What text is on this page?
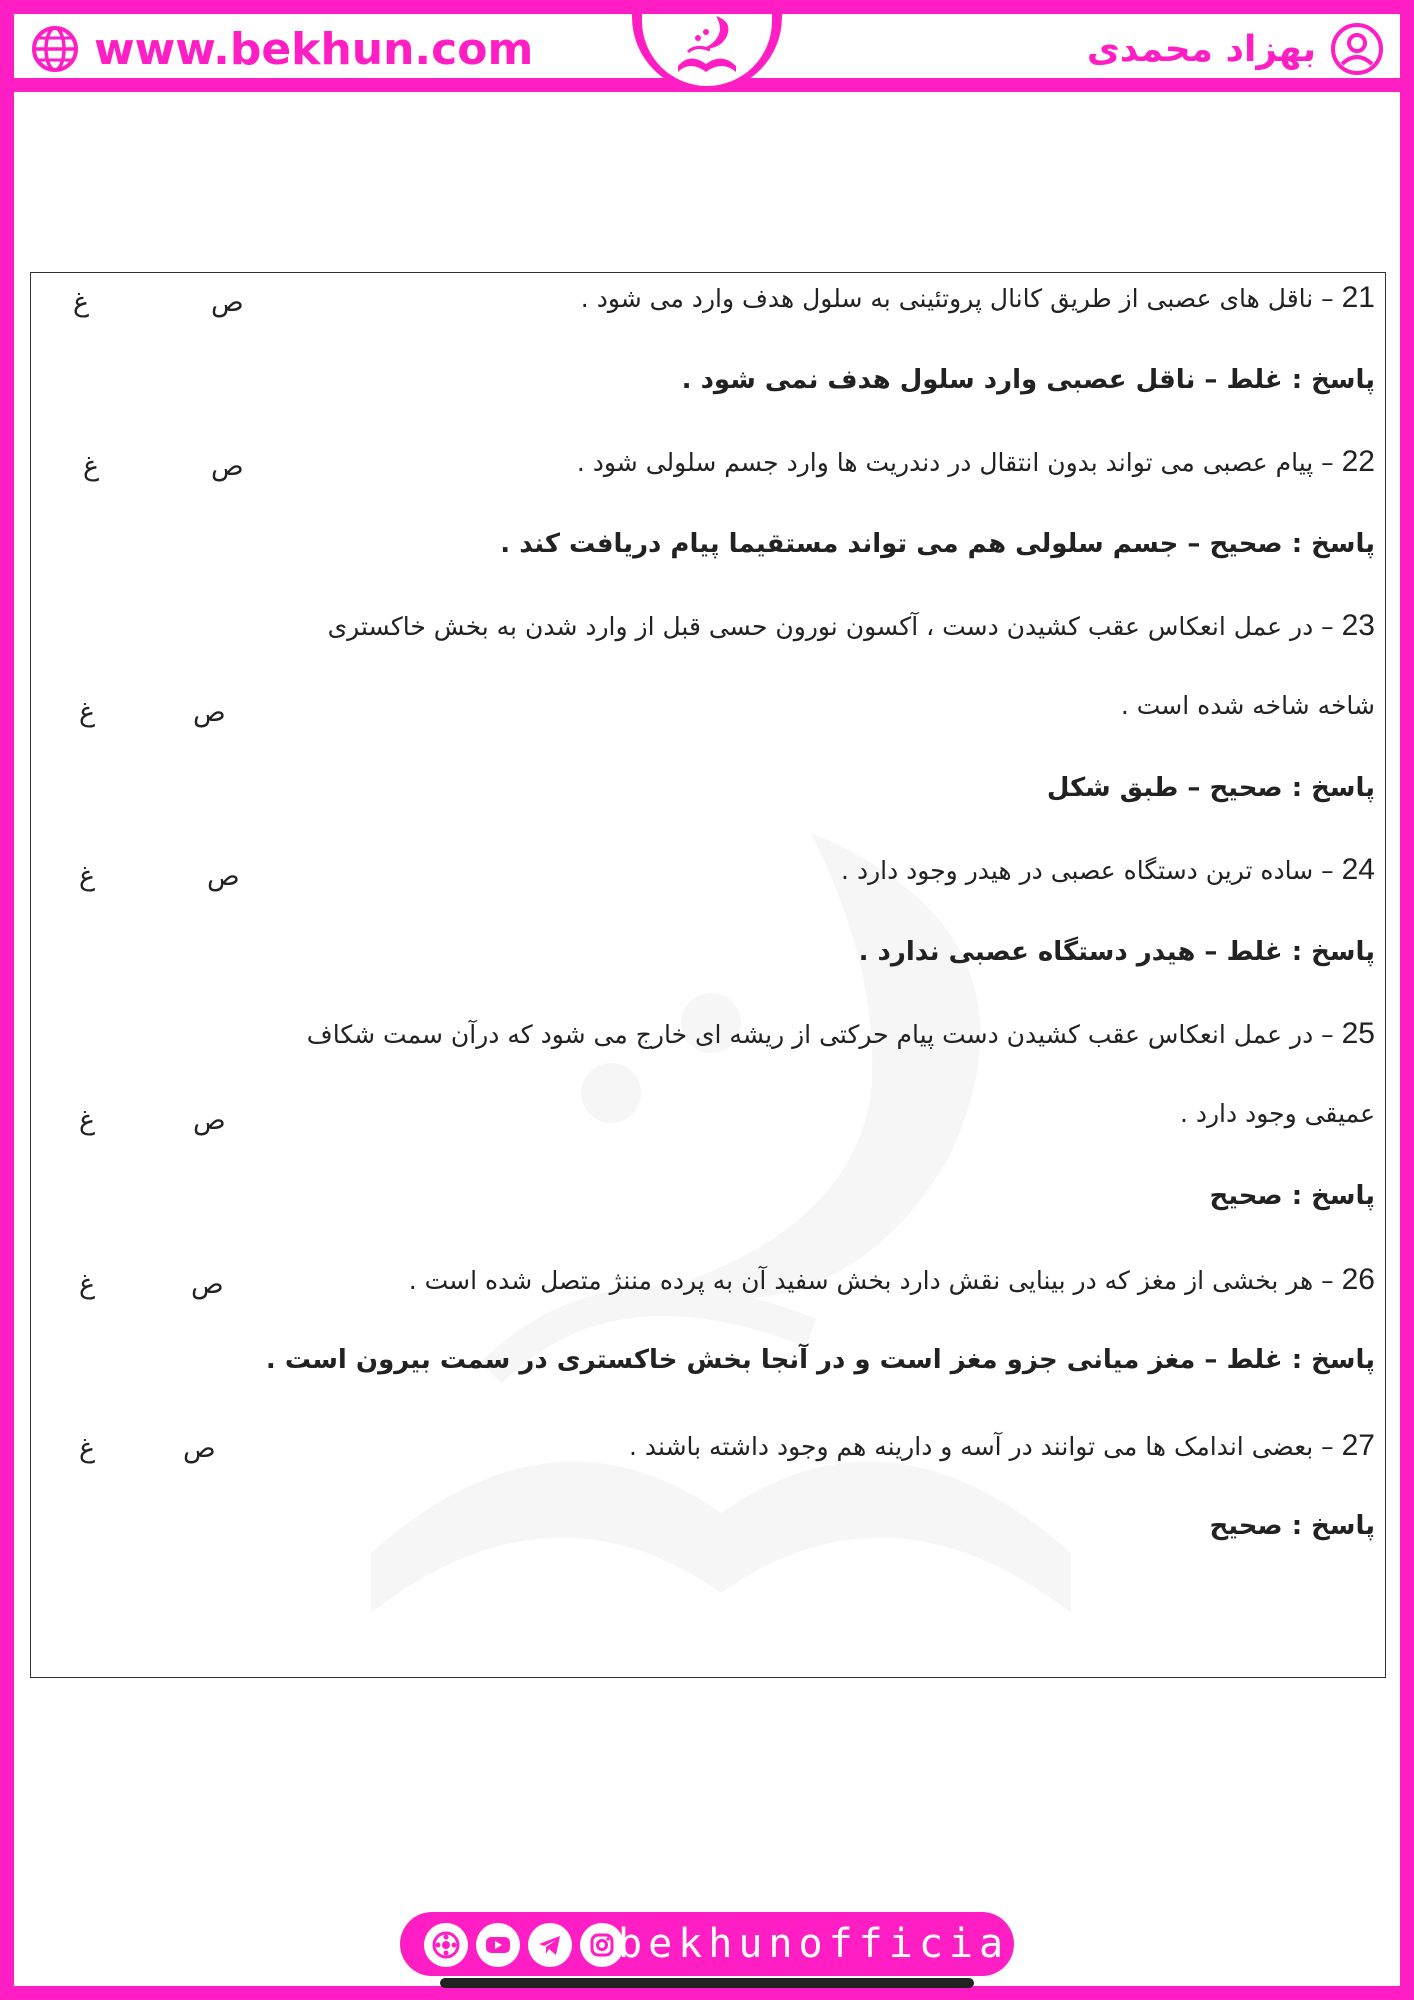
www.bekhun.com	بهزاد محمدی
21 – ناقل های عصبی از طریق کانال پروتئینی به سلول هدف وارد می شود .
ص
غ
پاسخ : غلط – ناقل عصبی وارد سلول هدف نمی شود .
22 – پیام عصبی می تواند بدون انتقال در دندریت ها وارد جسم سلولی شود .
ص
غ
پاسخ : صحیح – جسم سلولی هم می تواند مستقیما پیام دریافت کند .
23 – در عمل انعکاس عقب کشیدن دست ، آکسون نورون حسی قبل از وارد شدن به بخش خاکستری
شاخه شاخه شده است .
ص
غ
پاسخ : صحیح – طبق شکل
24 – ساده ترین دستگاه عصبی در هیدر وجود دارد .
ص
غ
پاسخ : غلط – هیدر دستگاه عصبی ندارد .
25 – در عمل انعکاس عقب کشیدن دست پیام حرکتی از ریشه ای خارج می شود که درآن سمت شکاف
عمیقی وجود دارد .
ص
غ
پاسخ : صحیح
26 – هر بخشی از مغز که در بینایی نقش دارد بخش سفید آن به پرده مننژ متصل شده است .
ص
غ
پاسخ : غلط – مغز میانی جزو مغز است و در آنجا بخش خاکستری در سمت بیرون است .
27 – بعضی اندامک ها می توانند در آسه و دارینه هم وجود داشته باشند .
ص
غ
پاسخ : صحیح
bekhunofficial
